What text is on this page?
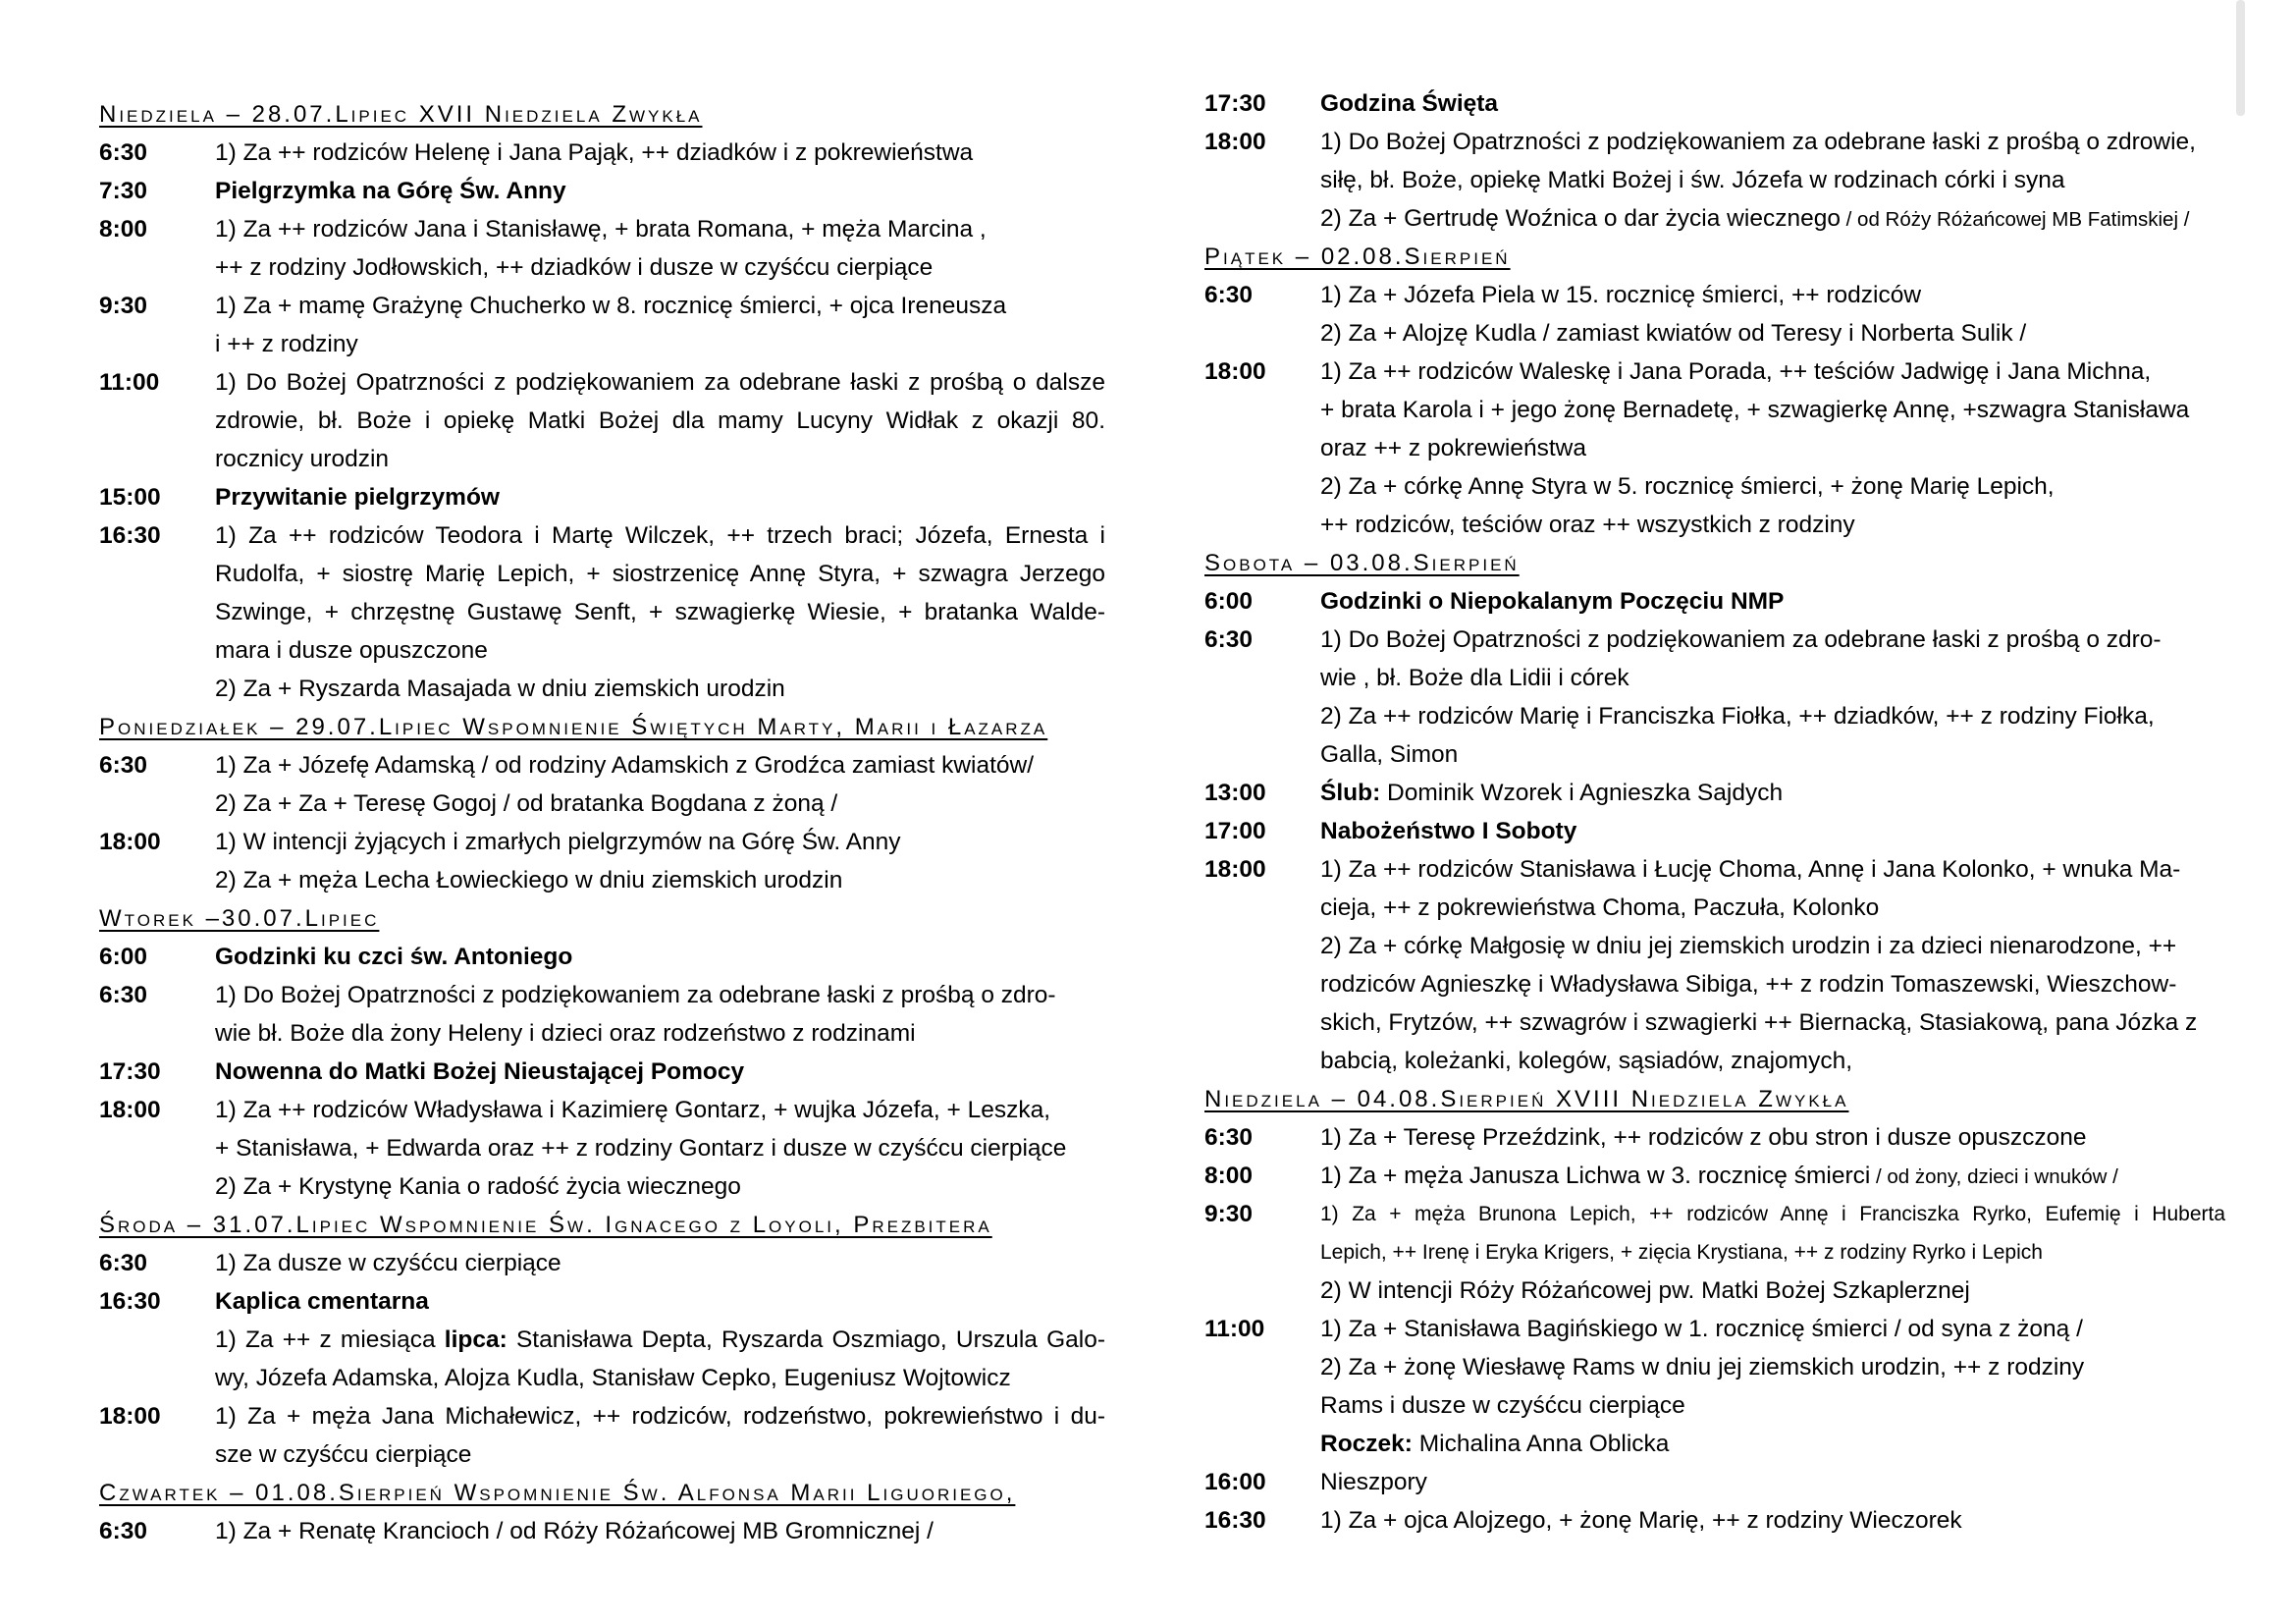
Niedziela – 28.07.Lipiec XVII Niedziela Zwykła
6:30	1) Za ++ rodziców Helenę i Jana Pająk, ++ dziadków i z pokrewieństwa
7:30	Pielgrzymka na Górę Św. Anny
8:00	1) Za ++ rodziców Jana i Stanisławę, + brata Romana, + męża Marcina ,
++ z rodziny Jodłowskich, ++ dziadków i dusze w czyśćcu cierpiące
9:30	1) Za + mamę Grażynę Chucherko w 8. rocznicę śmierci, + ojca Ireneusza
i ++ z rodziny
11:00	1) Do Bożej Opatrzności z podziękowaniem za odebrane łaski z prośbą o dalsze
zdrowie, bł. Boże i opiekę Matki Bożej dla mamy Lucyny Widłak z okazji 80.
rocznicy urodzin
15:00	Przywitanie pielgrzymów
16:30	1) Za ++ rodziców Teodora i Martę Wilczek, ++ trzech braci; Józefa, Ernesta i
Rudolfa, + siostrę Marię Lepich, + siostrzenicę Annę Styra, + szwagra Jerzego
Szwinge, + chrzęstnę Gustawę Senft, + szwagierkę Wiesie, + bratanka Walde-
mara i dusze opuszczone
2) Za + Ryszarda Masajada w dniu ziemskich urodzin
Poniedziałek – 29.07.Lipiec Wspomnienie Świętych Marty, Marii i Łazarza
6:30	1) Za + Józefę Adamską / od rodziny Adamskich z Grodźca zamiast kwiatów/
2) Za + Za + Teresę Gogoj / od bratanka Bogdana z żoną /
18:00	1) W intencji żyjących i zmarłych pielgrzymów na Górę Św. Anny
2) Za + męża Lecha Łowieckiego w dniu ziemskich urodzin
Wtorek –30.07.Lipiec
6:00	Godzinki ku czci św. Antoniego
6:30	1) Do Bożej Opatrzności z podziękowaniem za odebrane łaski z prośbą o zdro-
wie bł. Boże dla żony Heleny i dzieci oraz rodzeństwo z rodzinami
17:30	Nowenna do Matki Bożej Nieustającej Pomocy
18:00	1) Za ++ rodziców Władysława i Kazimierę Gontarz, + wujka Józefa, + Leszka,
+ Stanisława, + Edwarda oraz ++ z rodziny Gontarz i dusze w czyśćcu cierpiące
2) Za + Krystynę Kania o radość życia wiecznego
Środa – 31.07.Lipiec Wspomnienie Św. Ignacego z Loyoli, Prezbitera
6:30	1) Za dusze w czyśćcu cierpiące
16:30	Kaplica cmentarna
1) Za ++ z miesiąca lipca: Stanisława Depta, Ryszarda Oszmiago, Urszula Galo-
wy, Józefa Adamska, Alojza Kudla, Stanisław Cepko, Eugeniusz Wojtowicz
18:00	1) Za + męża Jana Michałewicz, ++ rodziców, rodzeństwo, pokrewieństwo i du-
sze w czyśćcu cierpiące
Czwartek – 01.08.Sierpień Wspomnienie Św. Alfonsa Marii Liguoriego,
6:30	1) Za + Renatę Krancioch / od Róży Różańcowej MB Gromnicznej /
17:30	Godzina Święta
18:00	1) Do Bożej Opatrzności z podziękowaniem za odebrane łaski z prośbą o zdrowie,
siłę, bł. Boże, opiekę Matki Bożej i św. Józefa w rodzinach córki i syna
2) Za + Gertrudę Woźnica o dar życia wiecznego / od Róży Różańcowej MB Fatimskiej /
Piątek – 02.08.Sierpień
6:30	1) Za + Józefa Piela w 15. rocznicę śmierci, ++ rodziców
2) Za + Alojzę Kudla / zamiast kwiatów od Teresy i Norberta Sulik /
18:00	1) Za ++ rodziców Waleskę i Jana Porada, ++ teściów Jadwigę i Jana Michna,
+ brata Karola i + jego żonę Bernadetę, + szwagierkę Annę, +szwagra Stanisława
oraz ++ z pokrewieństwa
2) Za + córkę Annę Styra w 5. rocznicę śmierci, + żonę Marię Lepich,
++ rodziców, teściów oraz ++ wszystkich z rodziny
Sobota – 03.08.Sierpień
6:00	Godzinki o Niepokalanym Poczęciu NMP
6:30	1) Do Bożej Opatrzności z podziękowaniem za odebrane łaski z prośbą o zdro-
wie , bł. Boże dla Lidii i córek
2) Za ++ rodziców Marię i Franciszka Fiołka, ++ dziadków, ++ z rodziny Fiołka,
Galla, Simon
13:00	Ślub: Dominik Wzorek i Agnieszka Sajdych
17:00	Nabożeństwo I Soboty
18:00	1) Za ++ rodziców Stanisława i Łucję Choma, Annę i Jana Kolonko, + wnuka Ma-
cieja, ++ z pokrewieństwa Choma, Paczuła, Kolonko
2) Za + córkę Małgosię w dniu jej ziemskich urodzin i za dzieci nienarodzone, ++
rodziców Agnieszkę i Władysława Sibiga, ++ z rodzin Tomaszewski, Wieszchow-
skich, Frytzów, ++ szwagrów i szwagierki ++ Biernacką, Stasiakową, pana Józka z
babcią, koleżanki, kolegów, sąsiadów, znajomych,
Niedziela – 04.08.Sierpień XVIII Niedziela Zwykła
6:30	1) Za + Teresę Przeździnk, ++ rodziców z obu stron i dusze opuszczone
8:00	1) Za + męża Janusza Lichwa w 3. rocznicę śmierci / od żony, dzieci i wnuków /
9:30	1) Za + męża Brunona Lepich, ++ rodziców Annę i Franciszka Ryrko, Eufemię i Huberta
Lepich, ++ Irenę i Eryka Krigers, + zięcia Krystiana, ++ z rodziny Ryrko i Lepich
2) W intencji Róży Różańcowej pw. Matki Bożej Szkaplerznej
11:00	1) Za + Stanisława Bagińskiego w 1. rocznicę śmierci / od syna z żoną /
2) Za + żonę Wiesławę Rams w dniu jej ziemskich urodzin, ++ z rodziny
Rams i dusze w czyśćcu cierpiące
Roczek: Michalina Anna Oblicka
16:00	Nieszpory
16:30	1) Za + ojca Alojzego, + żonę Marię, ++ z rodziny Wieczorek
